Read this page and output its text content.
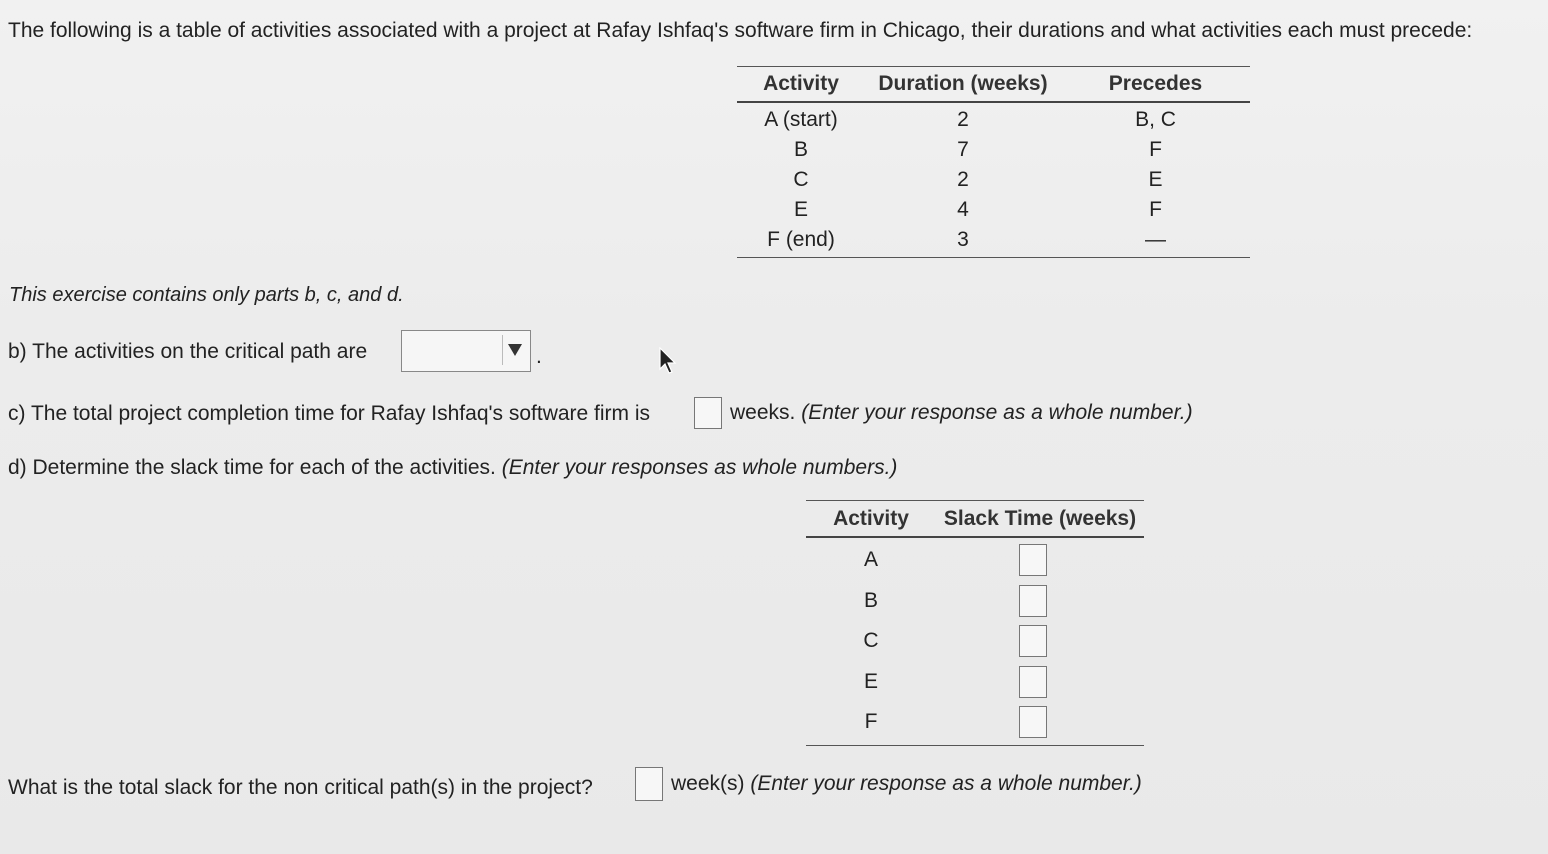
The following is a table of activities associated with a project at Rafay Ishfaq's software firm in Chicago, their durations and what activities each must precede:
Activity	Duration (weeks)	Precedes
A (start)	2	B, C
B	7	F
C	2	E
E	4	F
F (end)	3	—
This exercise contains only parts b, c, and d.
b) The activities on the critical path are	.
c) The total project completion time for Rafay Ishfaq's software firm is	weeks. (Enter your response as a whole number.)
d) Determine the slack time for each of the activities. (Enter your responses as whole numbers.)
Activity	Slack Time (weeks)
A
B
C
E
F
What is the total slack for the non critical path(s) in the project?	week(s) (Enter your response as a whole number.)
